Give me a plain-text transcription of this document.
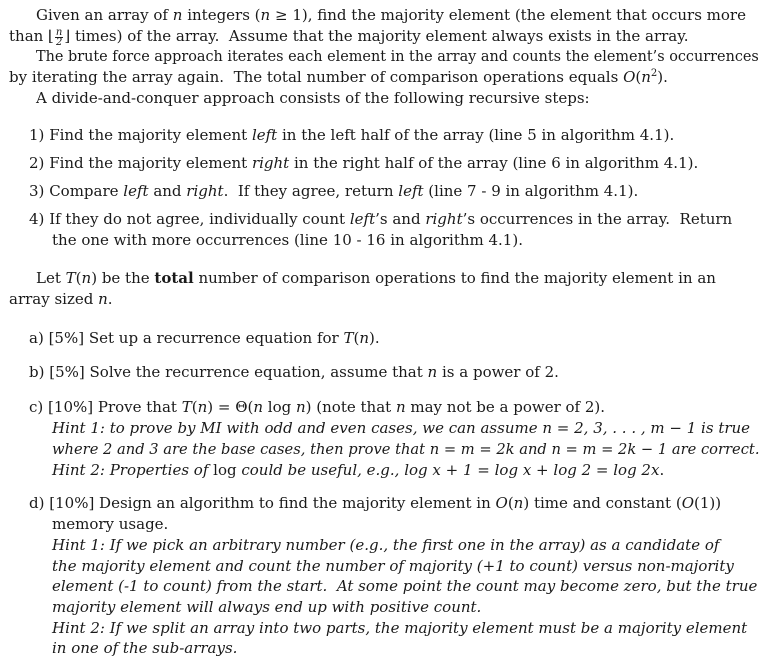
Given an array of n integers (n ≥ 1), find the majority element (the element that occurs more
than ⌊ $\frac{n}{2}$ ⌋ times) of the array.  Assume that the majority element always exists in the array.
The brute force approach iterates each element in the array and counts the element’s occurrences
by iterating the array again.  The total number of comparison operations equals $O(n^2)$.
A divide-and-conquer approach consists of the following recursive steps:
1) Find the majority element left in the left half of the array (line 5 in algorithm 4.1).
2) Find the majority element right in the right half of the array (line 6 in algorithm 4.1).
3) Compare left and right.  If they agree, return left (line 7 - 9 in algorithm 4.1).
4) If they do not agree, individually count left’s and right’s occurrences in the array.  Return
the one with more occurrences (line 10 - 16 in algorithm 4.1).
Let T(n) be the total number of comparison operations to find the majority element in an
array sized n.
a) [5%] Set up a recurrence equation for T(n).
b) [5%] Solve the recurrence equation, assume that n is a power of 2.
c) [10%] Prove that T(n) = Θ(n log n) (note that n may not be a power of 2).
Hint 1: to prove by MI with odd and even cases, we can assume n = 2, 3, . . . , m − 1 is true
where 2 and 3 are the base cases, then prove that n = m = 2k and n = m = 2k − 1 are correct.
Hint 2: Properties of log could be useful, e.g., log x + 1 = log x + log 2 = log 2x.
d) [10%] Design an algorithm to find the majority element in O(n) time and constant (O(1))
memory usage.
Hint 1: If we pick an arbitrary number (e.g., the first one in the array) as a candidate of
the majority element and count the number of majority (+1 to count) versus non-majority
element (-1 to count) from the start.  At some point the count may become zero, but the true
majority element will always end up with positive count.
Hint 2: If we split an array into two parts, the majority element must be a majority element
in one of the sub-arrays.
